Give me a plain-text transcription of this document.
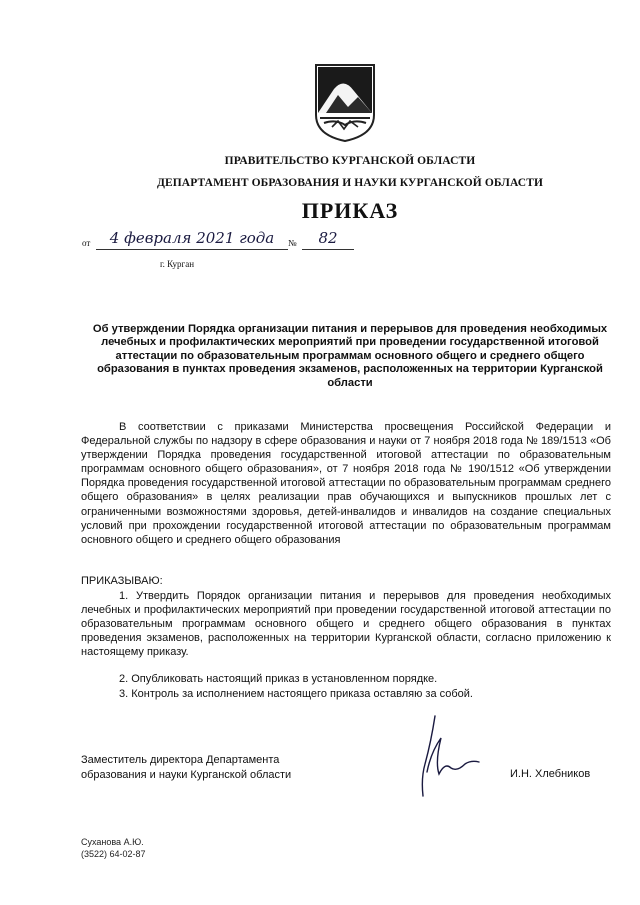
ПРАВИТЕЛЬСТВО КУРГАНСКОЙ ОБЛАСТИ
ДЕПАРТАМЕНТ ОБРАЗОВАНИЯ И НАУКИ КУРГАНСКОЙ ОБЛАСТИ
ПРИКАЗ
от	4 февраля 2021 года	№	82
г. Курган
Об утверждении Порядка организации питания и перерывов для проведения необходимых лечебных и профилактических мероприятий при проведении государственной итоговой аттестации по образовательным программам основного общего и среднего общего образования в пунктах проведения экзаменов, расположенных на территории Курганской области
В соответствии с приказами Министерства просвещения Российской Федерации и Федеральной службы по надзору в сфере образования и науки от 7 ноября 2018 года № 189/1513 «Об утверждении Порядка проведения государственной итоговой аттестации по образовательным программам основного общего образования», от 7 ноября 2018 года № 190/1512 «Об утверждении Порядка проведения государственной итоговой аттестации по образовательным программам среднего общего образования» в целях реализации прав обучающихся и выпускников прошлых лет с ограниченными возможностями здоровья, детей-инвалидов и инвалидов на создание специальных условий при прохождении государственной итоговой аттестации по образовательным программам основного общего и среднего общего образования
ПРИКАЗЫВАЮ:
1. Утвердить Порядок организации питания и перерывов для проведения необходимых лечебных и профилактических мероприятий при проведении государственной итоговой аттестации по образовательным программам основного общего и среднего общего образования в пунктах проведения экзаменов, расположенных на территории Курганской области, согласно приложению к настоящему приказу.
2. Опубликовать настоящий приказ в установленном порядке.
3. Контроль за исполнением настоящего приказа оставляю за собой.
Заместитель директора Департамента
образования и науки Курганской области	И.Н. Хлебников
Суханова А.Ю.
(3522) 64-02-87
